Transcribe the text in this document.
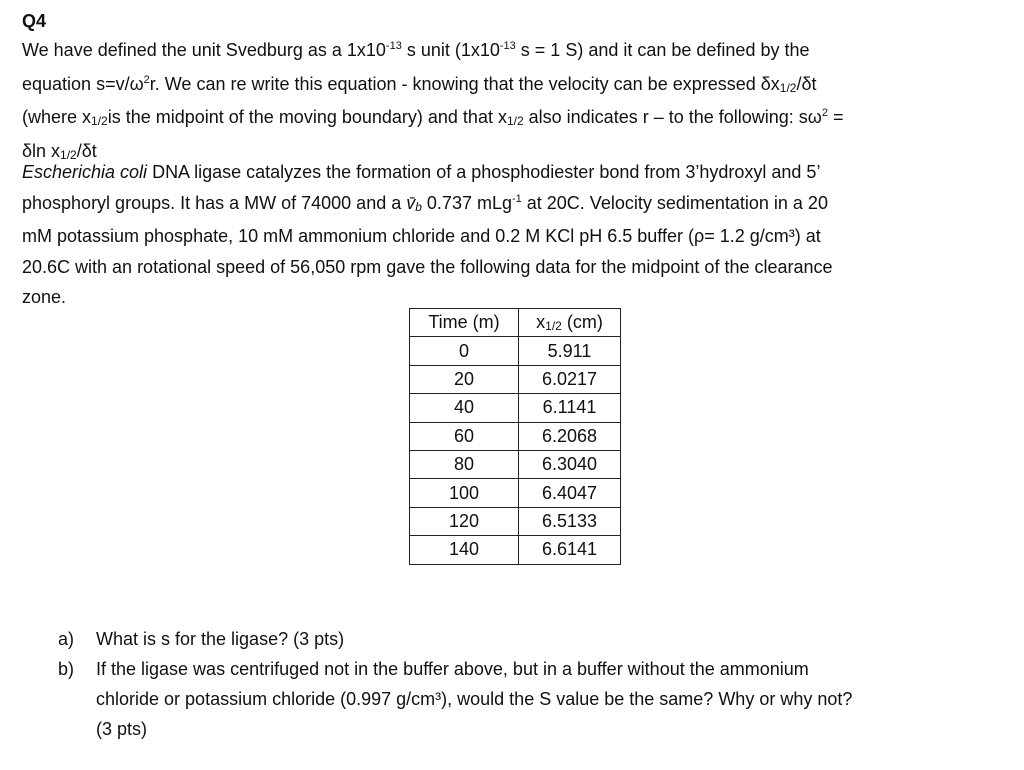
Q4
We have defined the unit Svedburg as a $1x10^{-13}$ s unit ($1x10^{-13}$ s = 1 S) and it can be defined by the
equation $s=v/\omega^2r$. We can re write this equation - knowing that the velocity can be expressed δx1/2/δt
(where x1/2is the midpoint of the moving boundary) and that x1/2 also indicates r – to the following: $s\omega^2$ =
δln x1/2/δt
Escherichia coli DNA ligase catalyzes the formation of a phosphodiester bond from 3’hydroxyl and 5’
phosphoryl groups. It has a MW of 74000 and a v̄b 0.737 mLg$^{-1}$ at 20C. Velocity sedimentation in a 20
mM potassium phosphate, 10 mM ammonium chloride and 0.2 M KCl pH 6.5 buffer (ρ= 1.2 g/cm³) at
20.6C with an rotational speed of 56,050 rpm gave the following data for the midpoint of the clearance
zone.
Time (m)	x1/2 (cm)
0	5.911
20	6.0217
40	6.1141
60	6.2068
80	6.3040
100	6.4047
120	6.5133
140	6.6141
a) What is s for the ligase? (3 pts)
b) If the ligase was centrifuged not in the buffer above, but in a buffer without the ammonium
chloride or potassium chloride (0.997 g/cm³), would the S value be the same? Why or why not?
(3 pts)
